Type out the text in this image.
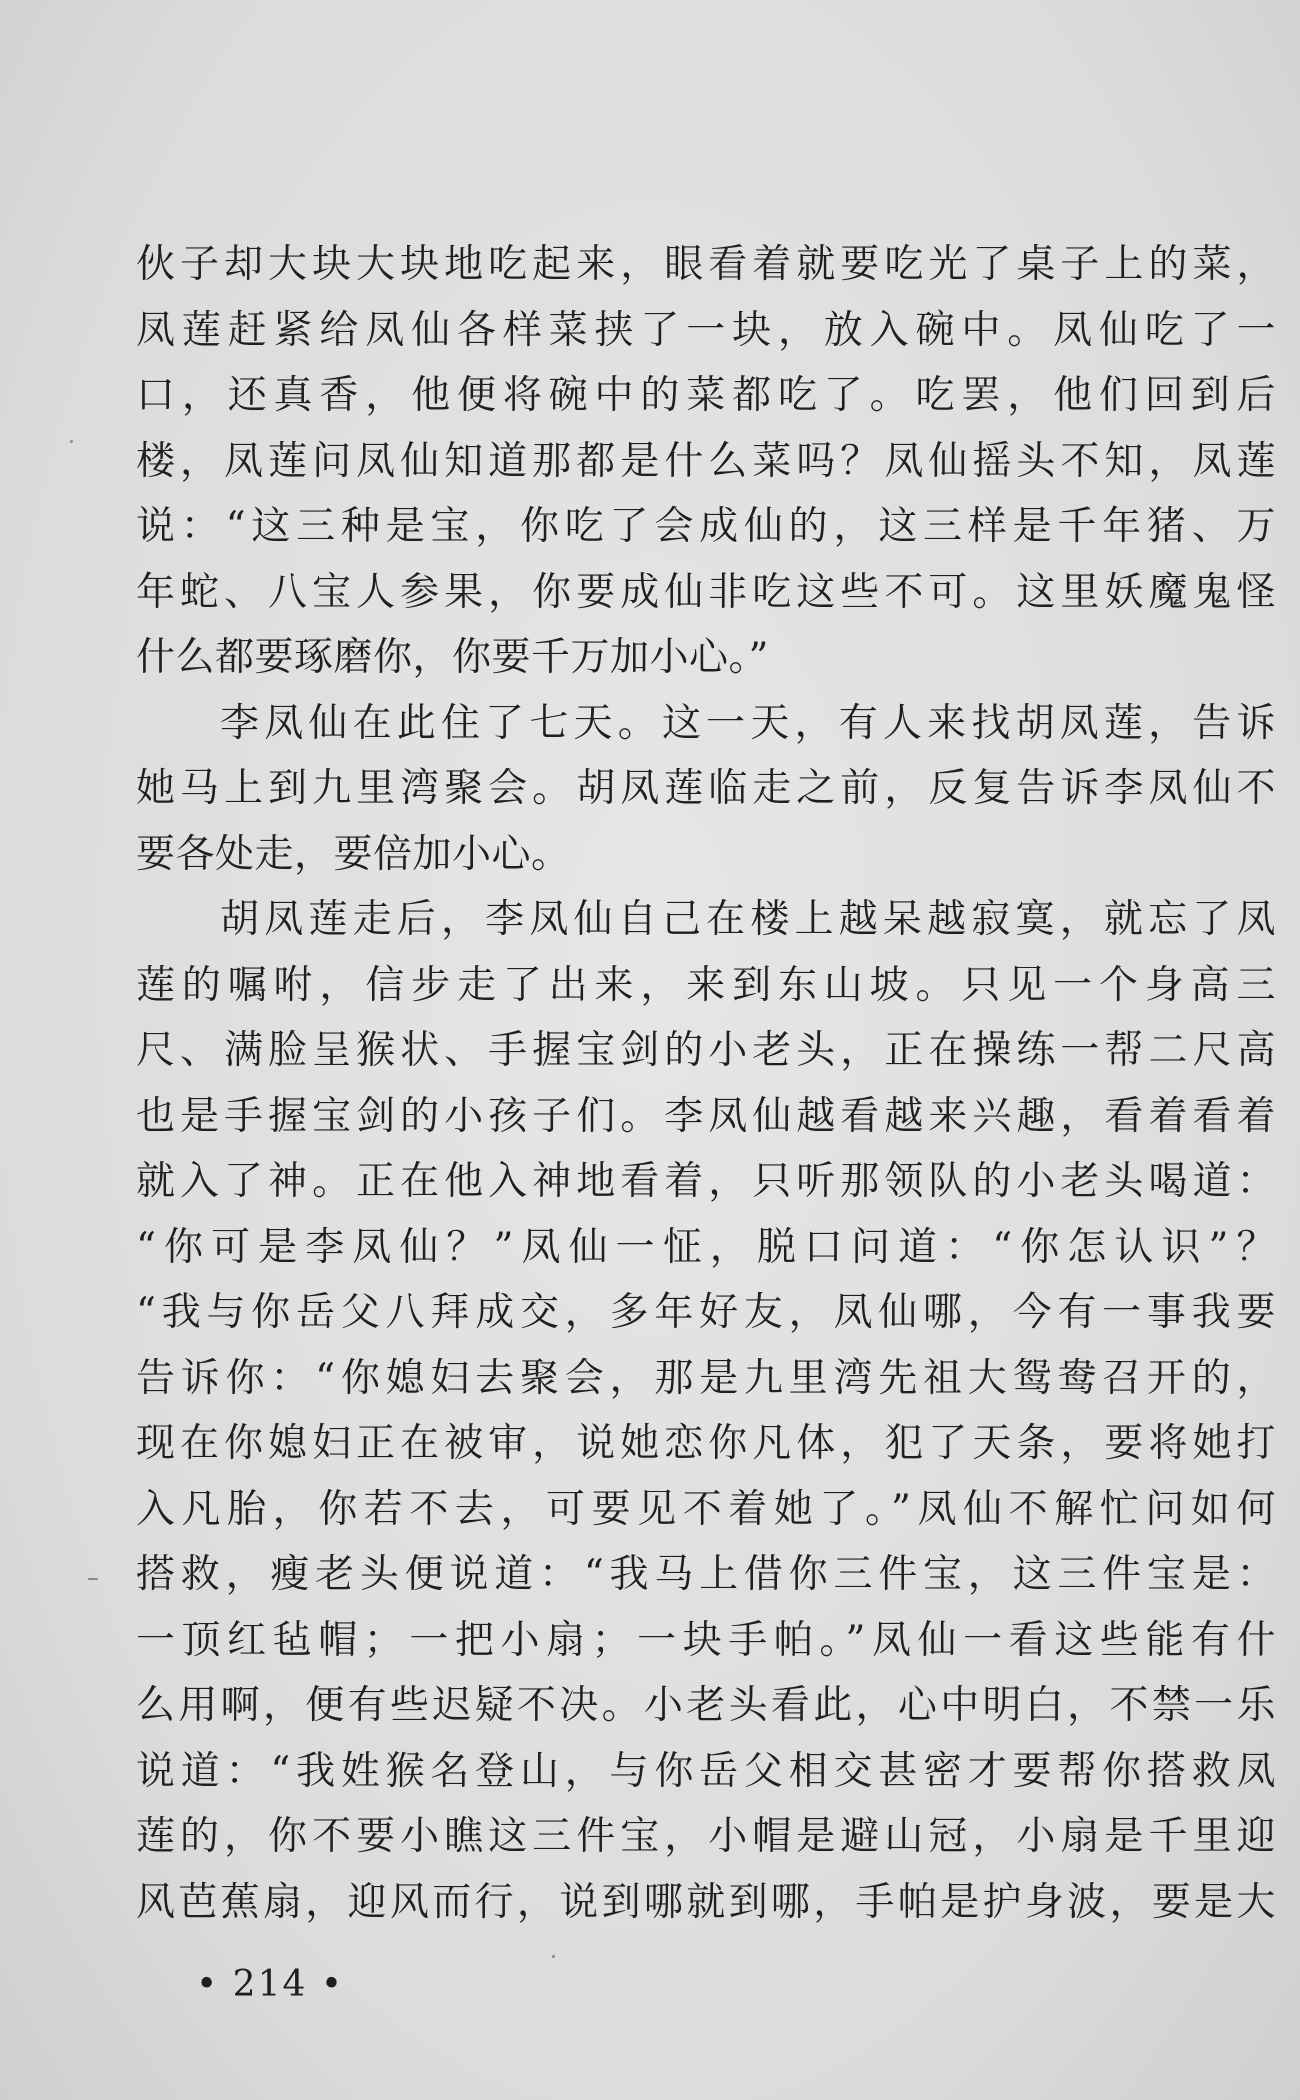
伙子却大块大块地吃起来，眼看着就要吃光了桌子上的菜，
凤莲赶紧给凤仙各样菜挟了一块，放入碗中。凤仙吃了一
口，还真香，他便将碗中的菜都吃了。吃罢，他们回到后
楼，凤莲问凤仙知道那都是什么菜吗？凤仙摇头不知，凤莲
说：“这三种是宝，你吃了会成仙的，这三样是千年猪、万
年蛇、八宝人参果，你要成仙非吃这些不可。这里妖魔鬼怪
什么都要琢磨你，你要千万加小心。”
李凤仙在此住了七天。这一天，有人来找胡凤莲，告诉
她马上到九里湾聚会。胡凤莲临走之前，反复告诉李凤仙不
要各处走，要倍加小心。
胡凤莲走后，李凤仙自己在楼上越呆越寂寞，就忘了凤
莲的嘱咐，信步走了出来，来到东山坡。只见一个身高三
尺、满脸呈猴状、手握宝剑的小老头，正在操练一帮二尺高
也是手握宝剑的小孩子们。李凤仙越看越来兴趣，看着看着
就入了神。正在他入神地看着，只听那领队的小老头喝道：
“你可是李凤仙？”凤仙一怔，脱口问道：“你怎认识”？
“我与你岳父八拜成交，多年好友，凤仙哪，今有一事我要
告诉你：“你媳妇去聚会，那是九里湾先祖大鸳鸯召开的，
现在你媳妇正在被审，说她恋你凡体，犯了天条，要将她打
入凡胎，你若不去，可要见不着她了。”凤仙不解忙问如何
搭救，瘦老头便说道：“我马上借你三件宝，这三件宝是：
一顶红毡帽；一把小扇；一块手帕。”凤仙一看这些能有什
么用啊，便有些迟疑不决。小老头看此，心中明白，不禁一乐
说道：“我姓猴名登山，与你岳父相交甚密才要帮你搭救凤
莲的，你不要小瞧这三件宝，小帽是避山冠，小扇是千里迎
风芭蕉扇，迎风而行，说到哪就到哪，手帕是护身波，要是大
• 214 •
